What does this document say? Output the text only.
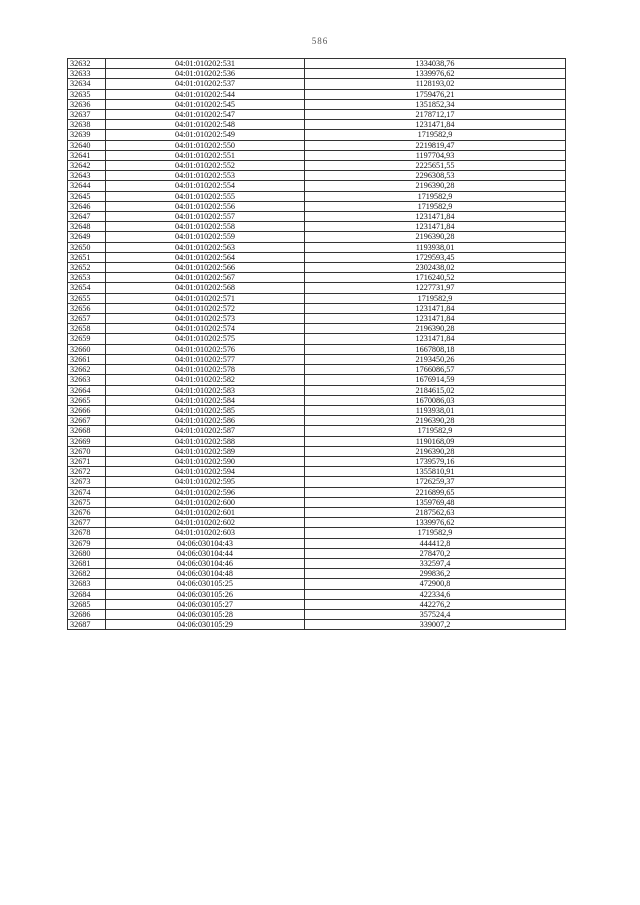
586
32632	04:01:010202:531	1334038,76
32633	04:01:010202:536	1339976,62
32634	04:01:010202:537	1128193,02
32635	04:01:010202:544	1759476,21
32636	04:01:010202:545	1351852,34
32637	04:01:010202:547	2178712,17
32638	04:01:010202:548	1231471,84
32639	04:01:010202:549	1719582,9
32640	04:01:010202:550	2219819,47
32641	04:01:010202:551	1197704,93
32642	04:01:010202:552	2225651,55
32643	04:01:010202:553	2296308,53
32644	04:01:010202:554	2196390,28
32645	04:01:010202:555	1719582,9
32646	04:01:010202:556	1719582,9
32647	04:01:010202:557	1231471,84
32648	04:01:010202:558	1231471,84
32649	04:01:010202:559	2196390,28
32650	04:01:010202:563	1193938,01
32651	04:01:010202:564	1729593,45
32652	04:01:010202:566	2302438,02
32653	04:01:010202:567	1716240,52
32654	04:01:010202:568	1227731,97
32655	04:01:010202:571	1719582,9
32656	04:01:010202:572	1231471,84
32657	04:01:010202:573	1231471,84
32658	04:01:010202:574	2196390,28
32659	04:01:010202:575	1231471,84
32660	04:01:010202:576	1667808,18
32661	04:01:010202:577	2193450,26
32662	04:01:010202:578	1766086,57
32663	04:01:010202:582	1676914,59
32664	04:01:010202:583	2184615,02
32665	04:01:010202:584	1670086,03
32666	04:01:010202:585	1193938,01
32667	04:01:010202:586	2196390,28
32668	04:01:010202:587	1719582,9
32669	04:01:010202:588	1190168,09
32670	04:01:010202:589	2196390,28
32671	04:01:010202:590	1739579,16
32672	04:01:010202:594	1355810,91
32673	04:01:010202:595	1726259,37
32674	04:01:010202:596	2216899,65
32675	04:01:010202:600	1359769,48
32676	04:01:010202:601	2187562,63
32677	04:01:010202:602	1339976,62
32678	04:01:010202:603	1719582,9
32679	04:06:030104:43	444412,8
32680	04:06:030104:44	278470,2
32681	04:06:030104:46	332597,4
32682	04:06:030104:48	299836,2
32683	04:06:030105:25	472900,8
32684	04:06:030105:26	422334,6
32685	04:06:030105:27	442276,2
32686	04:06:030105:28	357524,4
32687	04:06:030105:29	339007,2
